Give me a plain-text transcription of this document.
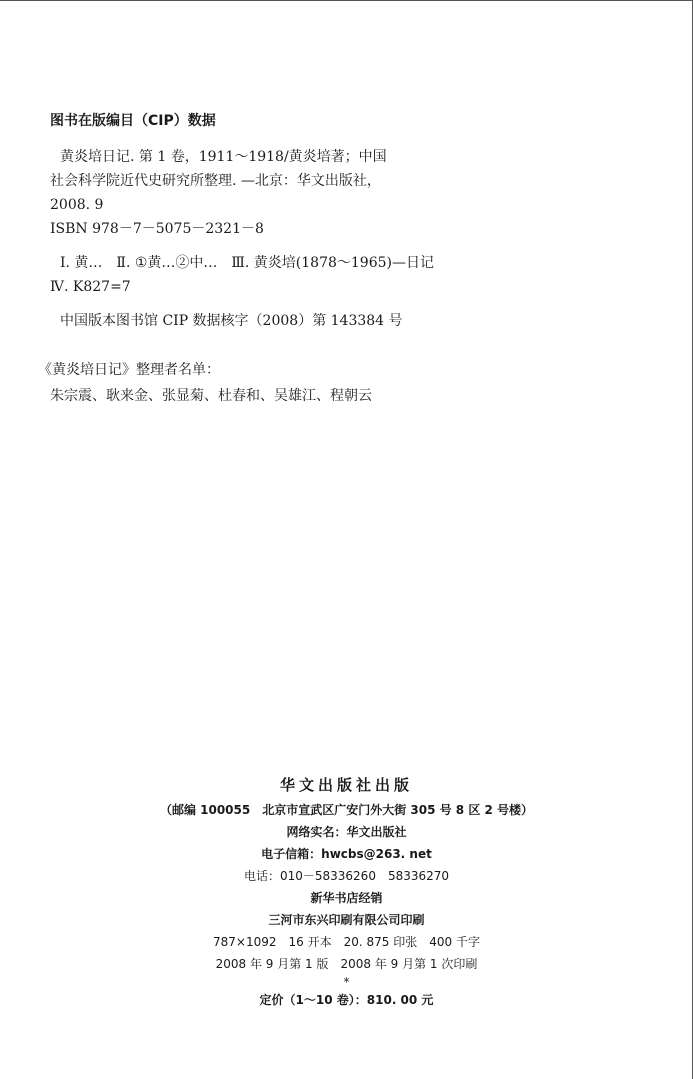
图书在版编目（CIP）数据
黄炎培日记. 第 1 卷，1911～1918/黄炎培著；中国
社会科学院近代史研究所整理. —北京：华文出版社，
2008. 9
ISBN 978－7－5075－2321－8
Ⅰ. 黄…　Ⅱ. ①黄…②中…　Ⅲ. 黄炎培(1878～1965)—日记
Ⅳ. K827=7
中国版本图书馆 CIP 数据核字（2008）第 143384 号
《黄炎培日记》整理者名单：
朱宗震、耿来金、张显菊、杜春和、吴雄江、程朝云
华文出版社出版
（邮编 100055　北京市宣武区广安门外大街 305 号 8 区 2 号楼）
网络实名：华文出版社
电子信箱：hwcbs@263. net
电话：010－58336260　58336270
新华书店经销
三河市东兴印刷有限公司印刷
787×1092　16 开本　20. 875 印张　400 千字
2008 年 9 月第 1 版　2008 年 9 月第 1 次印刷
*
定价（1～10 卷）：810. 00 元
